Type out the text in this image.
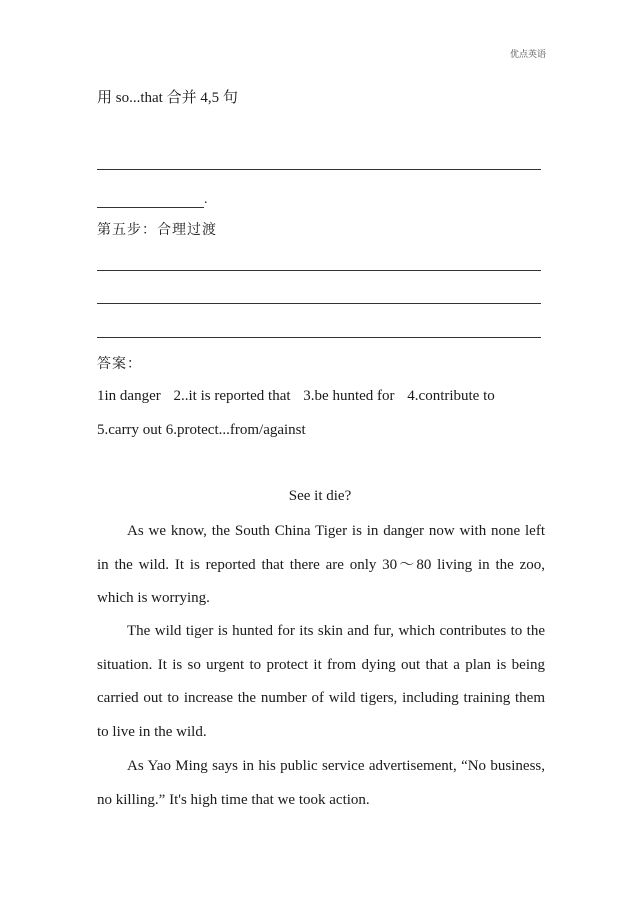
优点英语
用 so...that 合并 4,5 句
.
第五步：合理过渡
答案：
1in danger 2..it is reported that 3.be hunted for 4.contribute to
5.carry out 6.protect...from/against
See it die?
As we know, the South China Tiger is in danger now with none left
in the wild. It is reported that there are only 30～80 living in the zoo,
which is worrying.
The wild tiger is hunted for its skin and fur, which contributes to the
situation. It is so urgent to protect it from dying out that a plan is being
carried out to increase the number of wild tigers, including training them
to live in the wild.
As Yao Ming says in his public service advertisement, “No business,
no killing.” It's high time that we took action.
